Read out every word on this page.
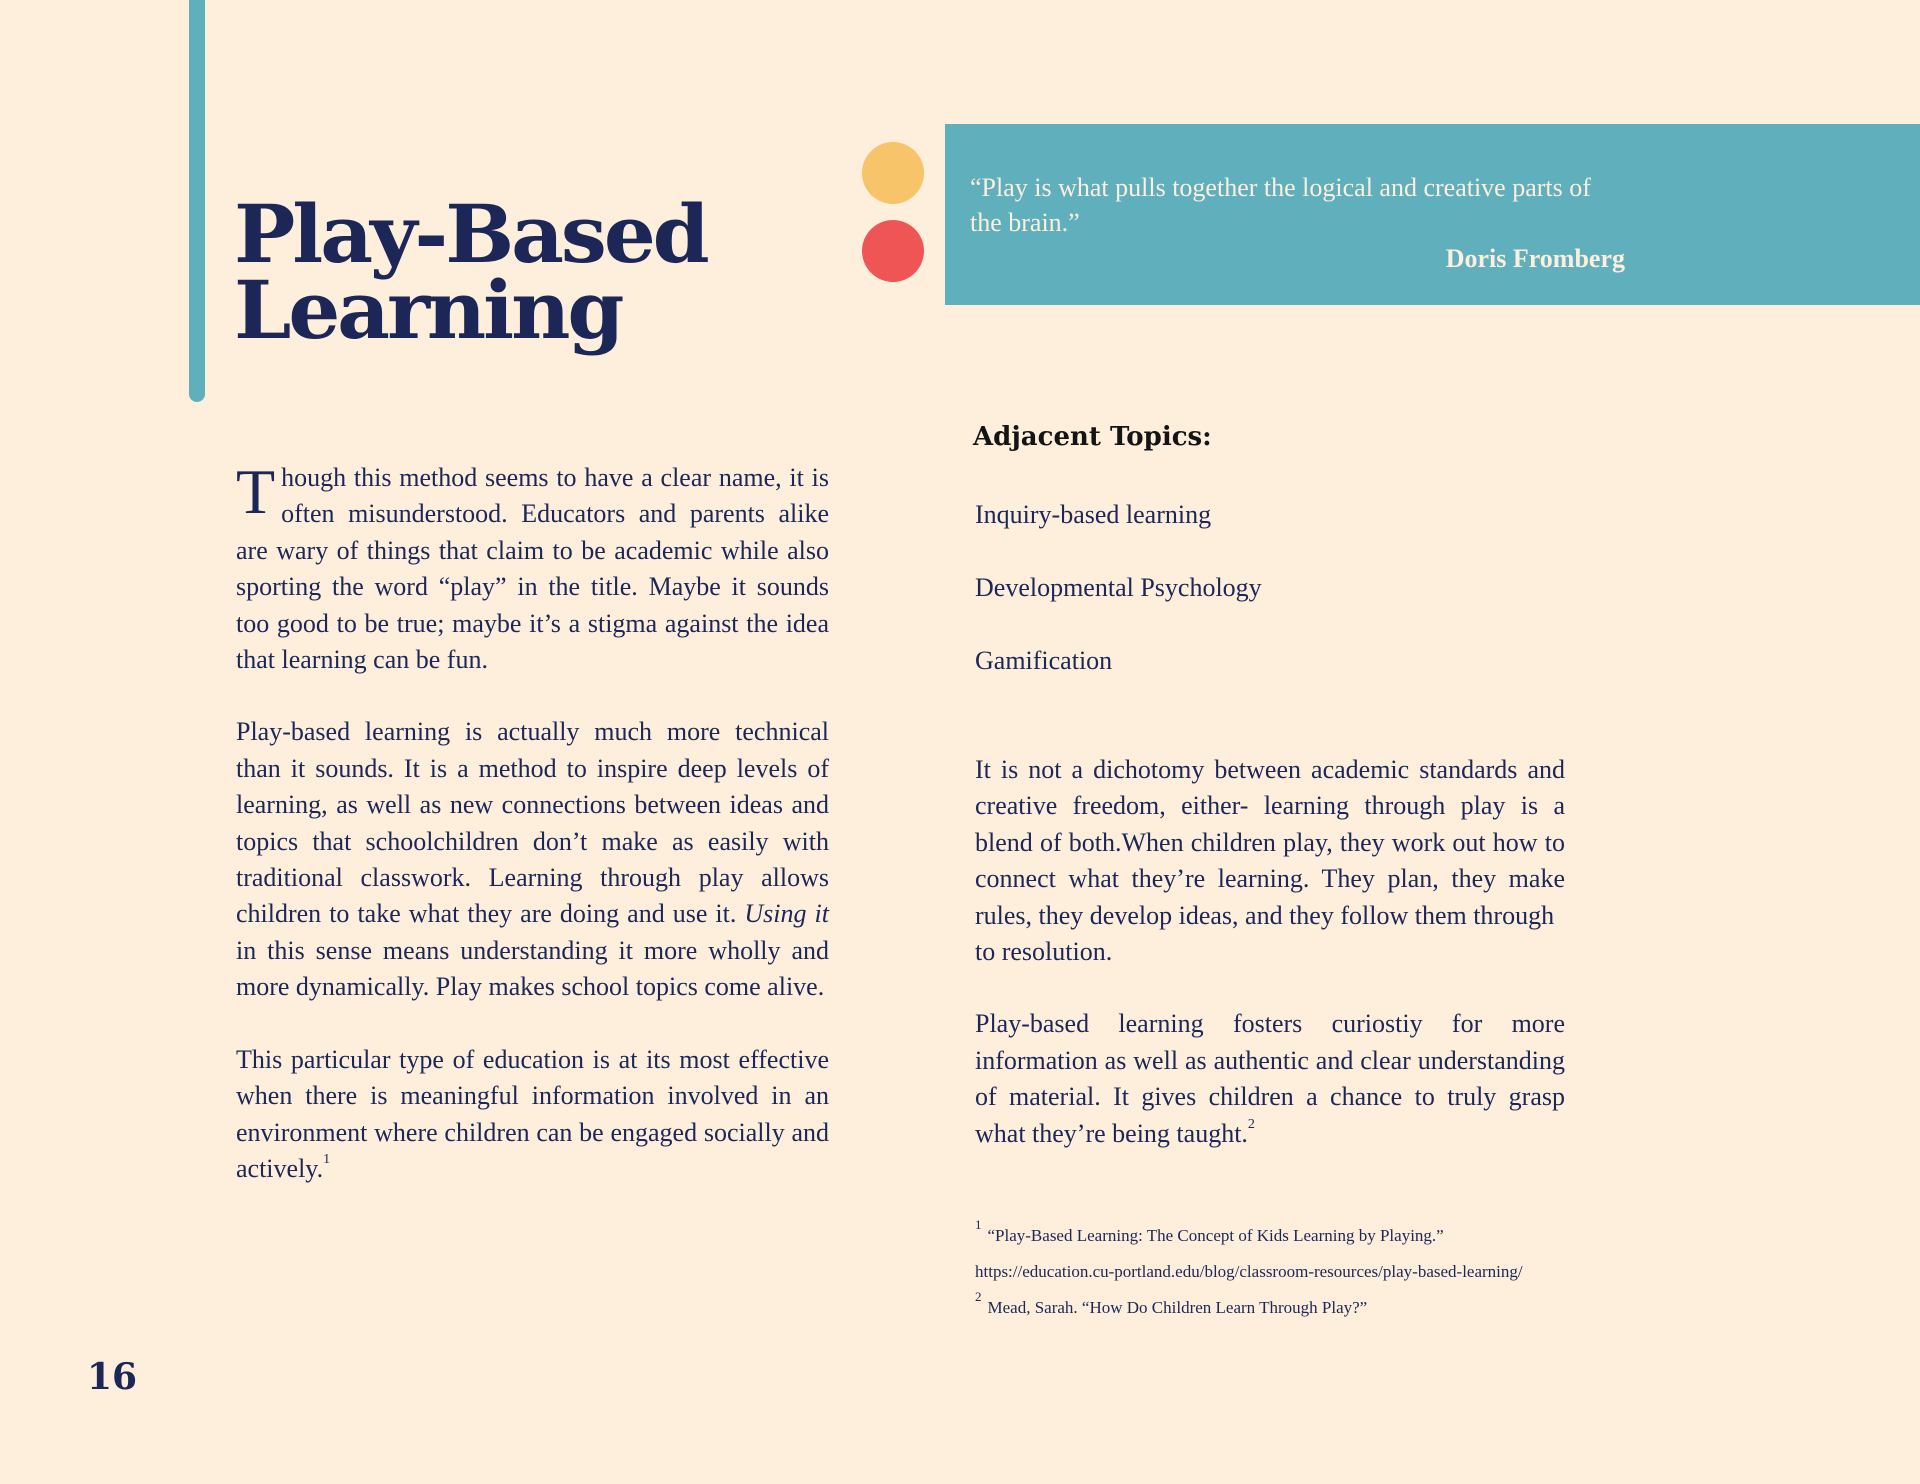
Play-Based
Learning
“Play is what pulls together the logical and creative parts of the brain.”
Doris Fromberg

Though this method seems to have a clear name, it is often misunderstood. Educators and parents alike are wary of things that claim to be academic while also sporting the word “play” in the title. Maybe it sounds too good to be true; maybe it’s a stigma against the idea that learning can be fun.

Play-based learning is actually much more technical than it sounds. It is a method to inspire deep levels of learning, as well as new connections between ideas and topics that schoolchildren don’t make as easily with traditional classwork. Learning through play allows children to take what they are doing and use it. Using it in this sense means understanding it more wholly and more dynamically. Play makes school topics come alive.

This particular type of education is at its most effective when there is meaningful information involved in an environment where children can be engaged socially and actively.$^1$

Adjacent Topics:
Inquiry-based learning
Developmental Psychology
Gamification

It is not a dichotomy between academic standards and creative freedom, either- learning through play is a blend of both.When children play, they work out how to connect what they’re learning. They plan, they make rules, they develop ideas, and they follow them through

to resolution.

Play-based learning fosters curiostiy for more information as well as authentic and clear understanding of material. It gives children a chance to truly grasp what they’re being taught.$^2$

$^1$“Play-Based Learning: The Concept of Kids Learning by Playing.”
https://education.cu-portland.edu/blog/classroom-resources/play-based-learning/
$^2$Mead, Sarah. “How Do Children Learn Through Play?”
16
